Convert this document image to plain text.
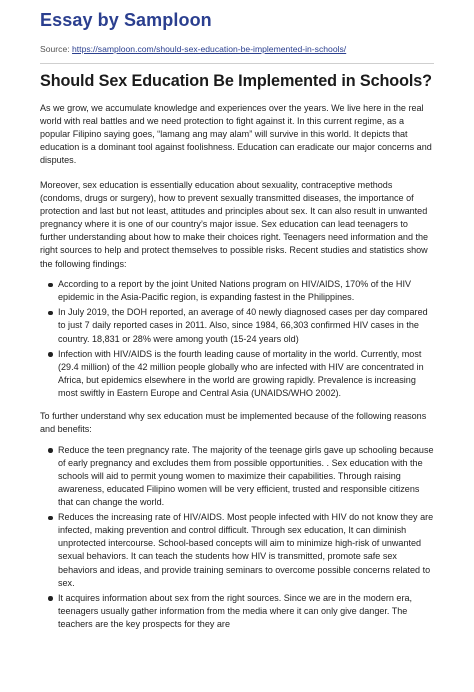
Essay by Samploon
Source: https://samploon.com/should-sex-education-be-implemented-in-schools/
Should Sex Education Be Implemented in Schools?

As we grow, we accumulate knowledge and experiences over the years. We live here in the real world with real battles and we need protection to fight against it. In this current regime, as a popular Filipino saying goes, “lamang ang may alam” will survive in this world. It depicts that education is a dominant tool against foolishness. Education can eradicate our major concerns and disputes.

Moreover, sex education is essentially education about sexuality, contraceptive methods (condoms, drugs or surgery), how to prevent sexually transmitted diseases, the importance of protection and last but not least, attitudes and principles about sex. It can also result in unwanted pregnancy where it is one of our country’s major issue. Sex education can lead teenagers to further understanding about how to make their choices right. Teenagers need information and the right sources to help and protect themselves to possible risks. Recent studies and statistics show the following findings:

According to a report by the joint United Nations program on HIV/AIDS, 170% of the HIV epidemic in the Asia-Pacific region, is expanding fastest in the Philippines.
In July 2019, the DOH reported, an average of 40 newly diagnosed cases per day compared to just 7 daily reported cases in 2011. Also, since 1984, 66,303 confirmed HIV cases in the country. 18,831 or 28% were among youth (15-24 years old)
Infection with HIV/AIDS is the fourth leading cause of mortality in the world. Currently, most (29.4 million) of the 42 million people globally who are infected with HIV are concentrated in Africa, but epidemics elsewhere in the world are growing rapidly. Prevalence is increasing most swiftly in Eastern Europe and Central Asia (UNAIDS/WHO 2002).

To further understand why sex education must be implemented because of the following reasons and benefits:

Reduce the teen pregnancy rate. The majority of the teenage girls gave up schooling because of early pregnancy and excludes them from possible opportunities. . Sex education with the schools will aid to permit young women to maximize their capabilities. Through raising awareness, educated Filipino women will be very efficient, trusted and responsible citizens that can change the world.
Reduces the increasing rate of HIV/AIDS. Most people infected with HIV do not know they are infected, making prevention and control difficult. Through sex education, It can diminish unprotected intercourse. School-based concepts will aim to minimize high-risk of unwanted sexual behaviors. It can teach the students how HIV is transmitted, promote safe sex behaviors and ideas, and provide training seminars to overcome possible concerns related to sex.
It acquires information about sex from the right sources. Since we are in the modern era, teenagers usually gather information from the media where it can only give danger. The teachers are the key prospects for they are
